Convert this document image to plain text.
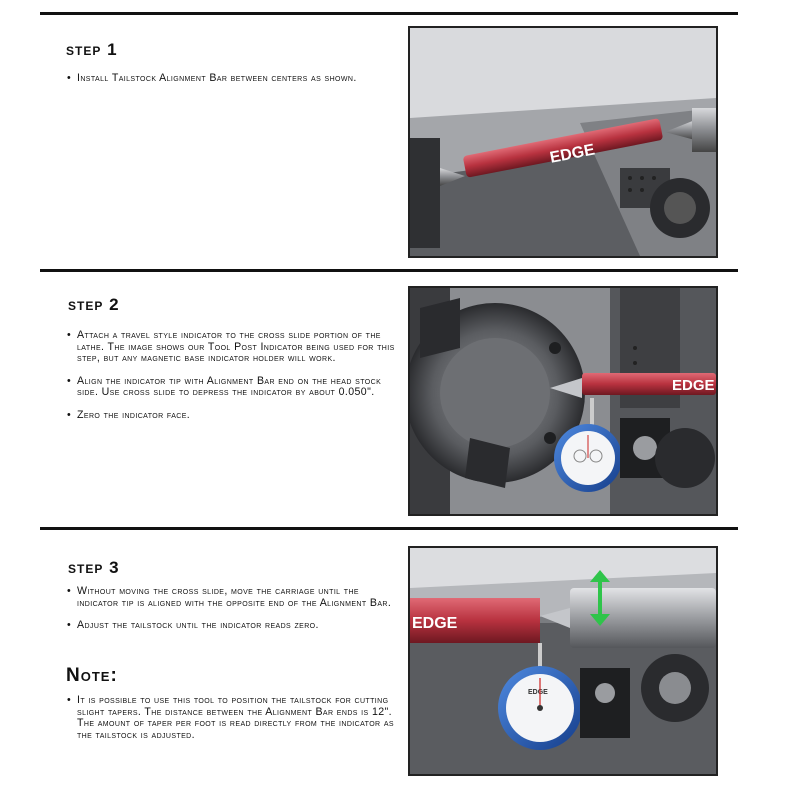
step 1
• Install Tailstock Alignment Bar between centers as shown.
EDGE
step 2
• Attach a travel style indicator to the cross slide portion of the lathe. The image shows our Tool Post Indicator being used for this step, but any magnetic base indicator holder will work.
• Align the indicator tip with Alignment Bar end on the head stock side. Use cross slide to depress the indicator by about 0.050".
• Zero the indicator face.
EDGE
step 3
• Without moving the cross slide, move the carriage until the indicator tip is aligned with the opposite end of the Alignment Bar.
• Adjust the tailstock until the indicator reads zero.
Note:
• It is possible to use this tool to position the tailstock for cutting slight tapers. The distance between the Alignment Bar ends is 12". The amount of taper per foot is read directly from the indicator as the tailstock is adjusted.
EDGE
EDGE
